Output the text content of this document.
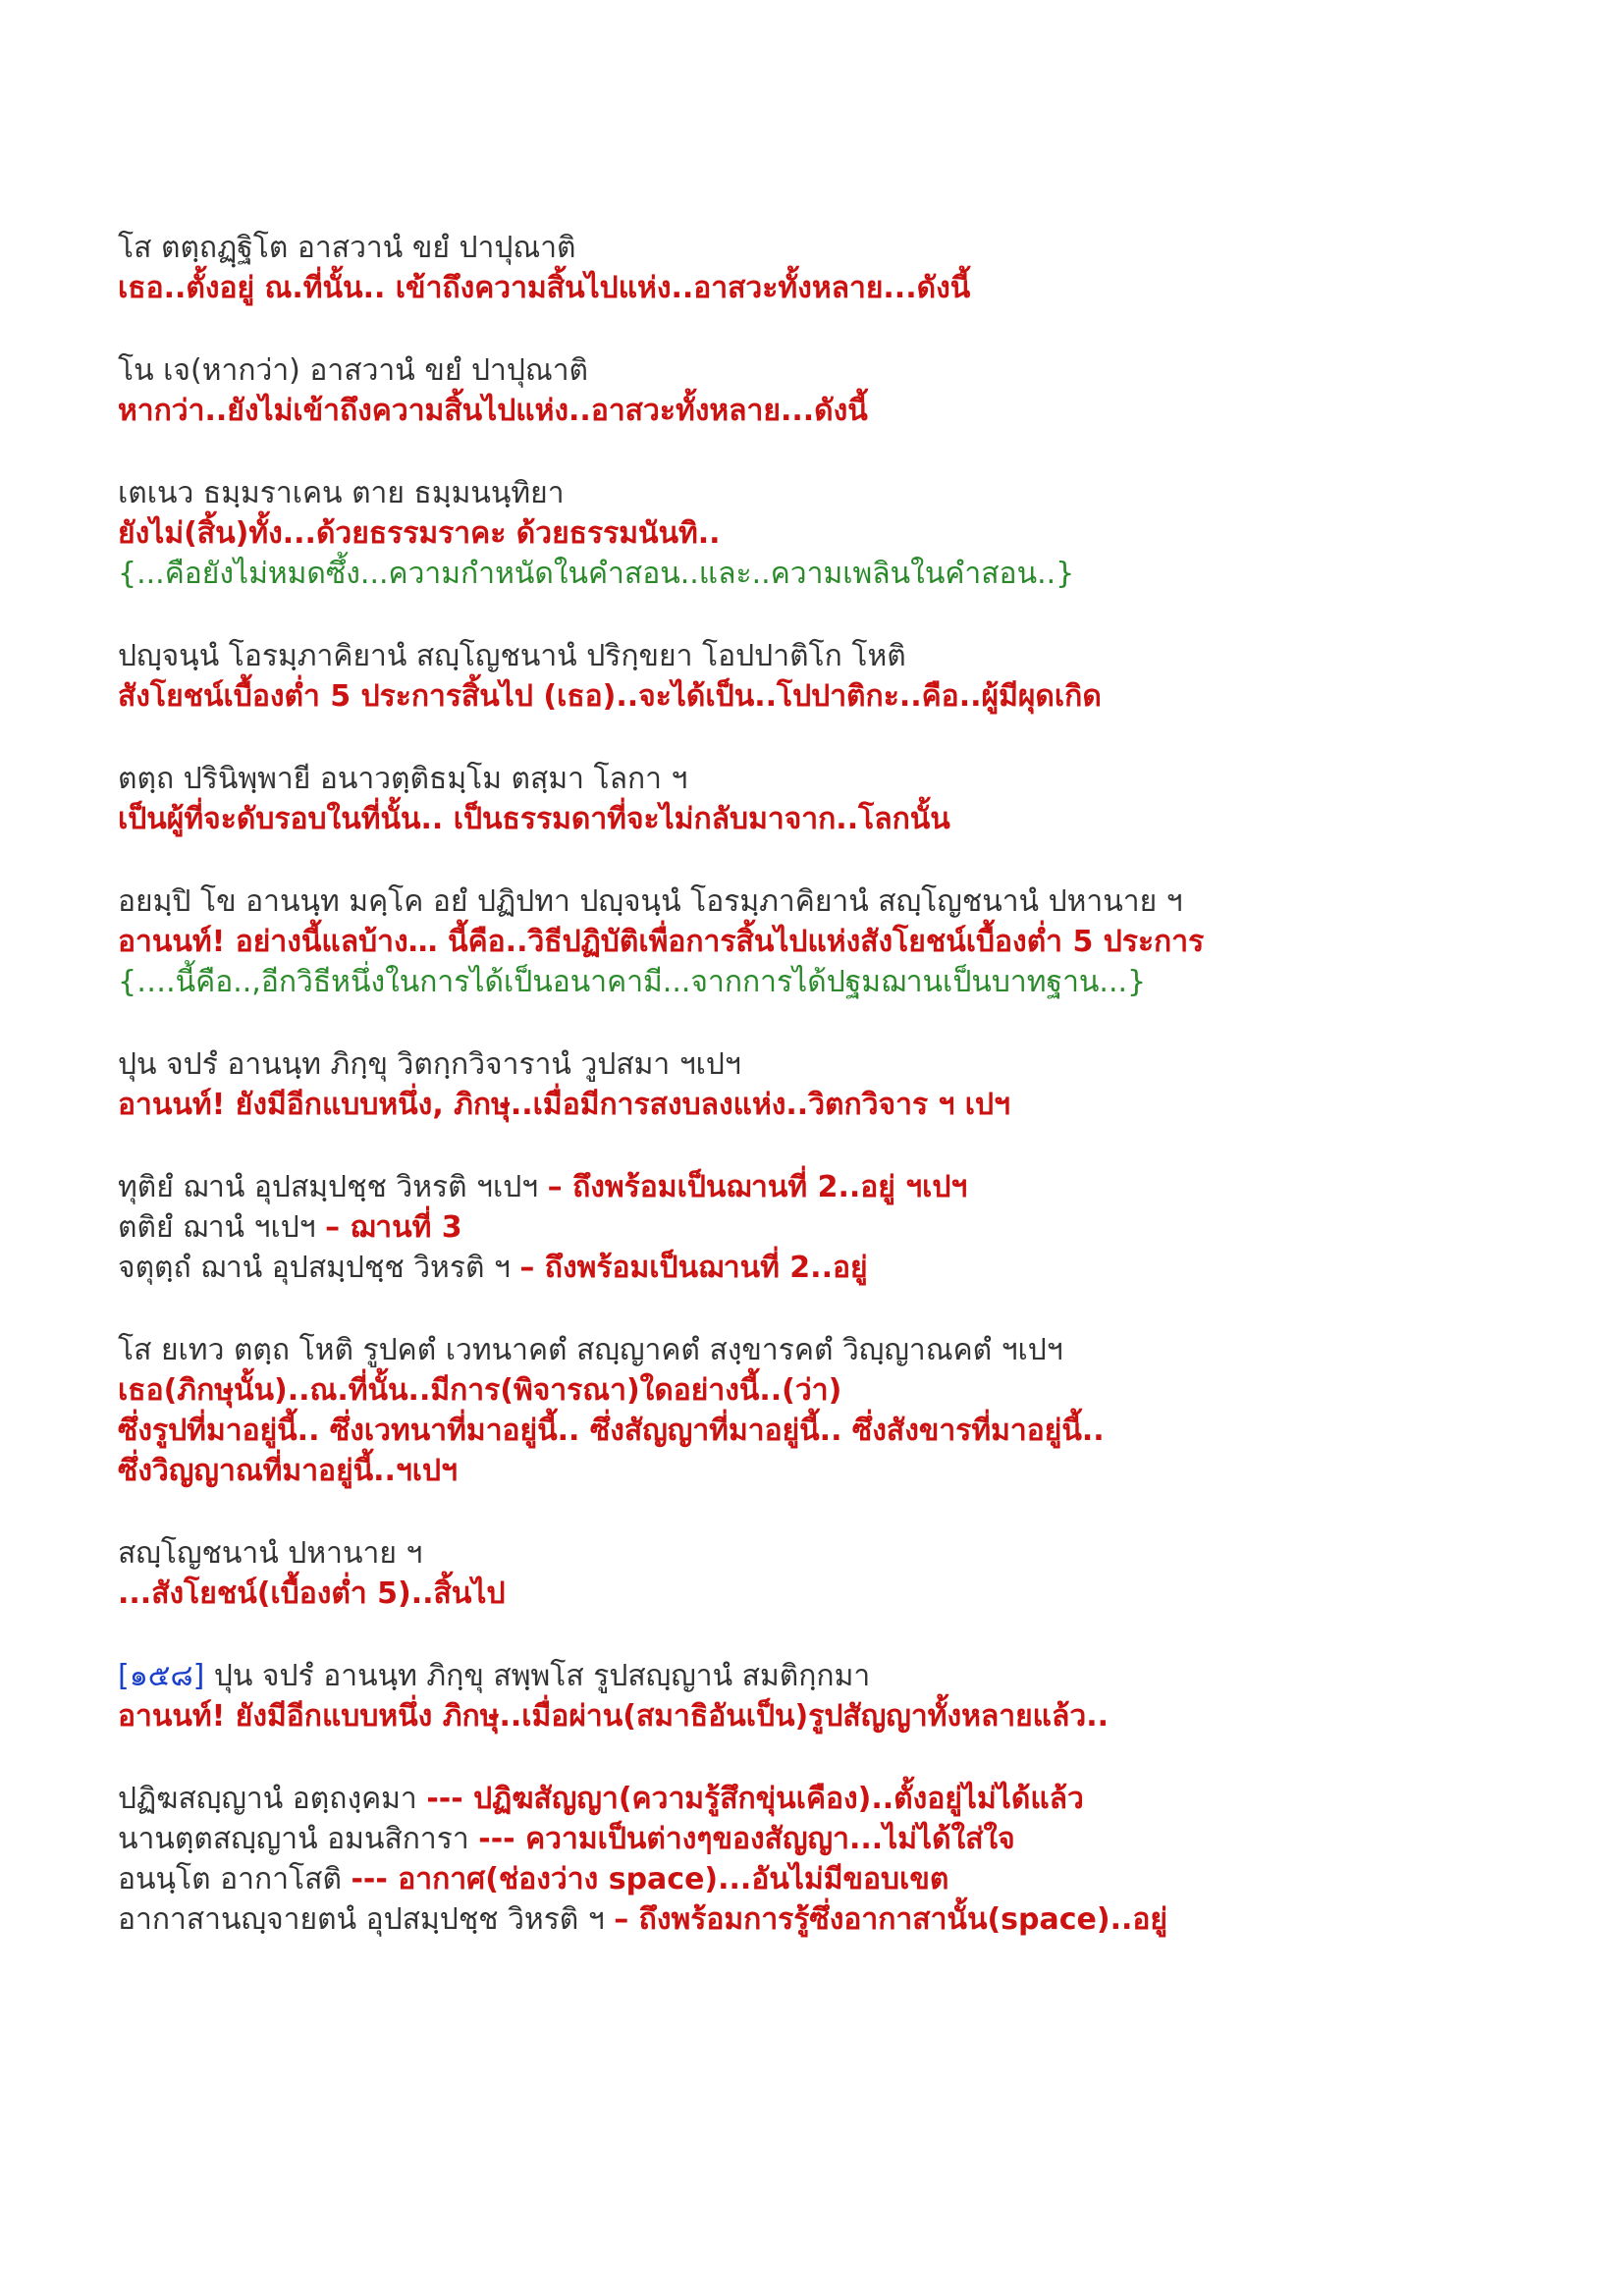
โส ตตฺถฏฺฐิโต อาสวานํ ขยํ ปาปุณาติ
เธอ..ตั้งอยู่ ณ.ที่นั้น.. เข้าถึงความสิ้นไปแห่ง..อาสวะทั้งหลาย...ดังนี้
โน เจ(หากว่า) อาสวานํ ขยํ ปาปุณาติ
หากว่า..ยังไม่เข้าถึงความสิ้นไปแห่ง..อาสวะทั้งหลาย...ดังนี้
เตเนว ธมฺมราเคน ตาย ธมฺมนนฺทิยา
ยังไม่(สิ้น)ทั้ง...ด้วยธรรมราคะ ด้วยธรรมนันทิ..
{...คือยังไม่หมดซึ้ง...ความกำหนัดในคำสอน..และ..ความเพลินในคำสอน..}
ปญฺจนฺนํ โอรมฺภาคิยานํ สญฺโญชนานํ ปริกฺขยา โอปปาติโก โหติ
สังโยชน์เบื้องต่ำ 5 ประการสิ้นไป (เธอ)..จะได้เป็น..โปปาติกะ..คือ..ผู้มีผุดเกิด
ตตฺถ ปรินิพฺพายี อนาวตฺติธมฺโม ตสฺมา โลกา ฯ
เป็นผู้ที่จะดับรอบในที่นั้น.. เป็นธรรมดาที่จะไม่กลับมาจาก..โลกนั้น
อยมฺปิ โข อานนฺท มคฺโค อยํ ปฏิปทา ปญฺจนฺนํ โอรมฺภาคิยานํ สญฺโญชนานํ ปหานาย ฯ
อานนท์! อย่างนี้แลบ้าง… นี้คือ..วิธีปฏิบัติเพื่อการสิ้นไปแห่งสังโยชน์เบื้องต่ำ 5 ประการ
{….นี้คือ..,อีกวิธีหนึ่งในการได้เป็นอนาคามี...จากการได้ปฐมฌานเป็นบาทฐาน...}
ปุน จปรํ อานนฺท ภิกฺขุ วิตกฺกวิจารานํ วูปสมา ฯเปฯ
อานนท์! ยังมีอีกแบบหนึ่ง, ภิกษุ..เมื่อมีการสงบลงแห่ง..วิตกวิจาร ฯ เปฯ
ทุติยํ ฌานํ อุปสมฺปชฺช วิหรติ ฯเปฯ – ถึงพร้อมเป็นฌานที่ 2..อยู่ ฯเปฯ
ตติยํ ฌานํ ฯเปฯ – ฌานที่ 3
จตุตฺถํ ฌานํ อุปสมฺปชฺช วิหรติ ฯ – ถึงพร้อมเป็นฌานที่ 2..อยู่
โส ยเทว ตตฺถ โหติ รูปคตํ เวทนาคตํ สญฺญาคตํ สงฺขารคตํ วิญฺญาณคตํ ฯเปฯ
เธอ(ภิกษุนั้น)..ณ.ที่นั้น..มีการ(พิจารณา)ใดอย่างนี้..(ว่า)
ซึ่งรูปที่มาอยู่นี้.. ซึ่งเวทนาที่มาอยู่นี้.. ซึ่งสัญญาที่มาอยู่นี้.. ซึ่งสังขารที่มาอยู่นี้..
ซึ่งวิญญาณที่มาอยู่นี้..ฯเปฯ
สญฺโญชนานํ ปหานาย ฯ
...สังโยชน์(เบื้องต่ำ 5)..สิ้นไป
[๑๕๘] ปุน จปรํ อานนฺท ภิกฺขุ สพฺพโส รูปสญฺญานํ สมติกฺกมา
อานนท์! ยังมีอีกแบบหนึ่ง ภิกษุ..เมื่อผ่าน(สมาธิอันเป็น)รูปสัญญาทั้งหลายแล้ว..
ปฏิฆสญฺญานํ อตฺถงฺคมา --- ปฏิฆสัญญา(ความรู้สึกขุ่นเคือง)..ตั้งอยู่ไม่ได้แล้ว
นานตฺตสญฺญานํ อมนสิการา --- ความเป็นต่างๆของสัญญา...ไม่ได้ใส่ใจ
อนนฺโต อากาโสติ --- อากาศ(ช่องว่าง space)...อันไม่มีขอบเขต
อากาสานญฺจายตนํ อุปสมฺปชฺช วิหรติ ฯ – ถึงพร้อมการรู้ซึ่งอากาสานั้น(space)..อยู่
